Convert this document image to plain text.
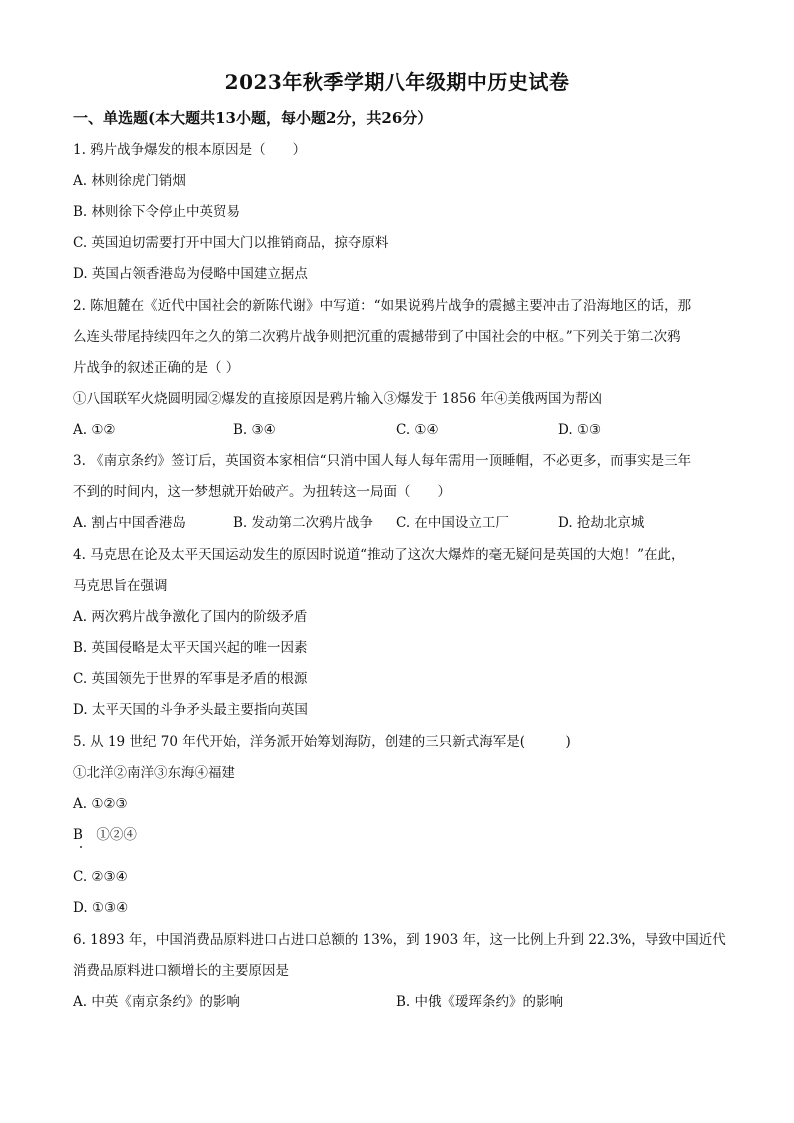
2023年秋季学期八年级期中历史试卷
一、单选题(本大题共13小题，每小题2分，共26分）
1. 鸦片战争爆发的根本原因是（　　）
A. 林则徐虎门销烟
B. 林则徐下令停止中英贸易
C. 英国迫切需要打开中国大门以推销商品，掠夺原料
D. 英国占领香港岛为侵略中国建立据点
2. 陈旭麓在《近代中国社会的新陈代谢》中写道：“如果说鸦片战争的震撼主要冲击了沿海地区的话，那
么连头带尾持续四年之久的第二次鸦片战争则把沉重的震撼带到了中国社会的中枢。”下列关于第二次鸦
片战争的叙述正确的是（ ）
①八国联军火烧圆明园②爆发的直接原因是鸦片输入③爆发于 1856 年④美俄两国为帮凶
A. ①②	B. ③④	C. ①④	D. ①③
3. 《南京条约》签订后，英国资本家相信“只消中国人每人每年需用一顶睡帽，不必更多，而事实是三年
不到的时间内，这一梦想就开始破产。为扭转这一局面（　　）
A. 割占中国香港岛	B. 发动第二次鸦片战争 C. 在中国设立工厂	D. 抢劫北京城
4. 马克思在论及太平天国运动发生的原因时说道“推动了这次大爆炸的毫无疑问是英国的大炮！”在此，
马克思旨在强调
A. 两次鸦片战争激化了国内的阶级矛盾
B. 英国侵略是太平天国兴起的唯一因素
C. 英国领先于世界的军事是矛盾的根源
D. 太平天国的斗争矛头最主要指向英国
5. 从 19 世纪 70 年代开始，洋务派开始筹划海防，创建的三只新式海军是(　　　)
①北洋②南洋③东海④福建
A. ①②③
B　①②④
C. ②③④
D. ①③④
6. 1893 年，中国消费品原料进口占进口总额的 13%，到 1903 年，这一比例上升到 22.3%，导致中国近代
消费品原料进口额增长的主要原因是
A. 中英《南京条约》的影响	B. 中俄《瑷珲条约》的影响
